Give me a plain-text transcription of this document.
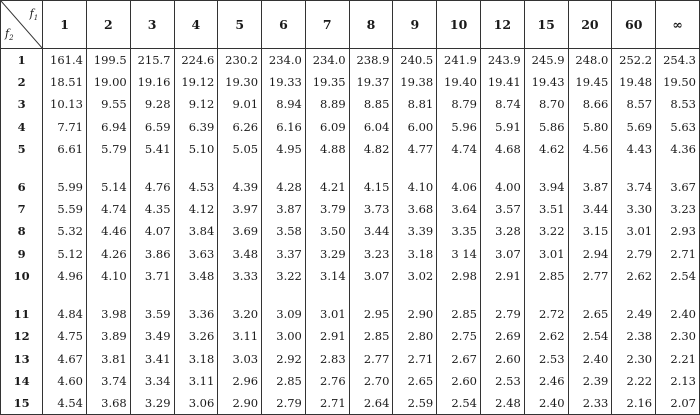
$f_1$
$f_2$	1	2	3	4	5	6	7	8	9	10	12	15	20	60	∞
1	161.4	199.5	215.7	224.6	230.2	234.0	234.0	238.9	240.5	241.9	243.9	245.9	248.0	252.2	254.3
2	18.51	19.00	19.16	19.12	19.30	19.33	19.35	19.37	19.38	19.40	19.41	19.43	19.45	19.48	19.50
3	10.13	9.55	9.28	9.12	9.01	8.94	8.89	8.85	8.81	8.79	8.74	8.70	8.66	8.57	8.53
4	7.71	6.94	6.59	6.39	6.26	6.16	6.09	6.04	6.00	5.96	5.91	5.86	5.80	5.69	5.63
5	6.61	5.79	5.41	5.10	5.05	4.95	4.88	4.82	4.77	4.74	4.68	4.62	4.56	4.43	4.36

6	5.99	5.14	4.76	4.53	4.39	4.28	4.21	4.15	4.10	4.06	4.00	3.94	3.87	3.74	3.67
7	5.59	4.74	4.35	4.12	3.97	3.87	3.79	3.73	3.68	3.64	3.57	3.51	3.44	3.30	3.23
8	5.32	4.46	4.07	3.84	3.69	3.58	3.50	3.44	3.39	3.35	3.28	3.22	3.15	3.01	2.93
9	5.12	4.26	3.86	3.63	3.48	3.37	3.29	3.23	3.18	3 14	3.07	3.01	2.94	2.79	2.71
10	4.96	4.10	3.71	3.48	3.33	3.22	3.14	3.07	3.02	2.98	2.91	2.85	2.77	2.62	2.54

11	4.84	3.98	3.59	3.36	3.20	3.09	3.01	2.95	2.90	2.85	2.79	2.72	2.65	2.49	2.40
12	4.75	3.89	3.49	3.26	3.11	3.00	2.91	2.85	2.80	2.75	2.69	2.62	2.54	2.38	2.30
13	4.67	3.81	3.41	3.18	3.03	2.92	2.83	2.77	2.71	2.67	2.60	2.53	2.40	2.30	2.21
14	4.60	3.74	3.34	3.11	2.96	2.85	2.76	2.70	2.65	2.60	2.53	2.46	2.39	2.22	2.13
15	4.54	3.68	3.29	3.06	2.90	2.79	2.71	2.64	2.59	2.54	2.48	2.40	2.33	2.16	2.07
